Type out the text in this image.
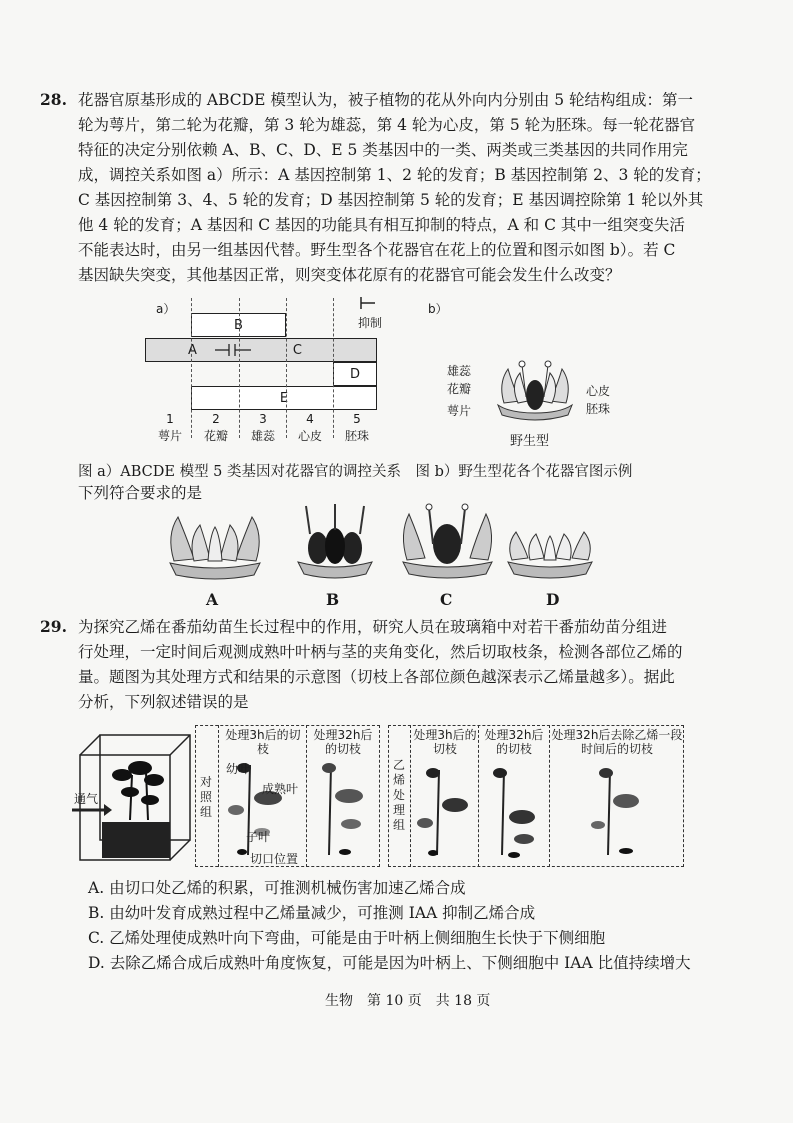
28. 花器官原基形成的 ABCDE 模型认为，被子植物的花从外向内分别由 5 轮结构组成：第一
轮为萼片，第二轮为花瓣，第 3 轮为雄蕊，第 4 轮为心皮，第 5 轮为胚珠。每一轮花器官
特征的决定分别依赖 A、B、C、D、E 5 类基因中的一类、两类或三类基因的共同作用完
成，调控关系如图 a）所示：A 基因控制第 1、2 轮的发育；B 基因控制第 2、3 轮的发育；
C 基因控制第 3、4、5 轮的发育；D 基因控制第 5 轮的发育；E 基因调控除第 1 轮以外其
他 4 轮的发育；A 基因和 C 基因的功能具有相互抑制的特点，A 和 C 其中一组突变失活
不能表达时，由另一组基因代替。野生型各个花器官在花上的位置和图示如图 b）。若 C
基因缺失突变，其他基因正常，则突变体花原有的花器官可能会发生什么改变？
a）
抑制
B
A	C
D
E
1	2	3	4	5
萼片	花瓣	雄蕊	心皮	胚珠
b）
雄蕊
花瓣
萼片
心皮
胚珠
野生型
图 a）ABCDE 模型 5 类基因对花器官的调控关系　图 b）野生型花各个花器官图示例
下列符合要求的是
A	B	C	D
29. 为探究乙烯在番茄幼苗生长过程中的作用，研究人员在玻璃箱中对若干番茄幼苗分组进
行处理，一定时间后观测成熟叶叶柄与茎的夹角变化，然后切取枝条，检测各部位乙烯的
量。题图为其处理方式和结果的示意图（切枝上各部位颜色越深表示乙烯量越多）。据此
分析，下列叙述错误的是
通气
对照组
处理3h后的切枝
处理32h后的切枝
幼叶
成熟叶
子叶
切口位置
乙烯处理组
处理3h后的切枝
处理32h后的切枝
处理32h后去除乙烯一段时间后的切枝
A. 由切口处乙烯的积累，可推测机械伤害加速乙烯合成
B. 由幼叶发育成熟过程中乙烯量减少，可推测 IAA 抑制乙烯合成
C. 乙烯处理使成熟叶向下弯曲，可能是由于叶柄上侧细胞生长快于下侧细胞
D. 去除乙烯合成后成熟叶角度恢复，可能是因为叶柄上、下侧细胞中 IAA 比值持续增大
生物　第 10 页　共 18 页
